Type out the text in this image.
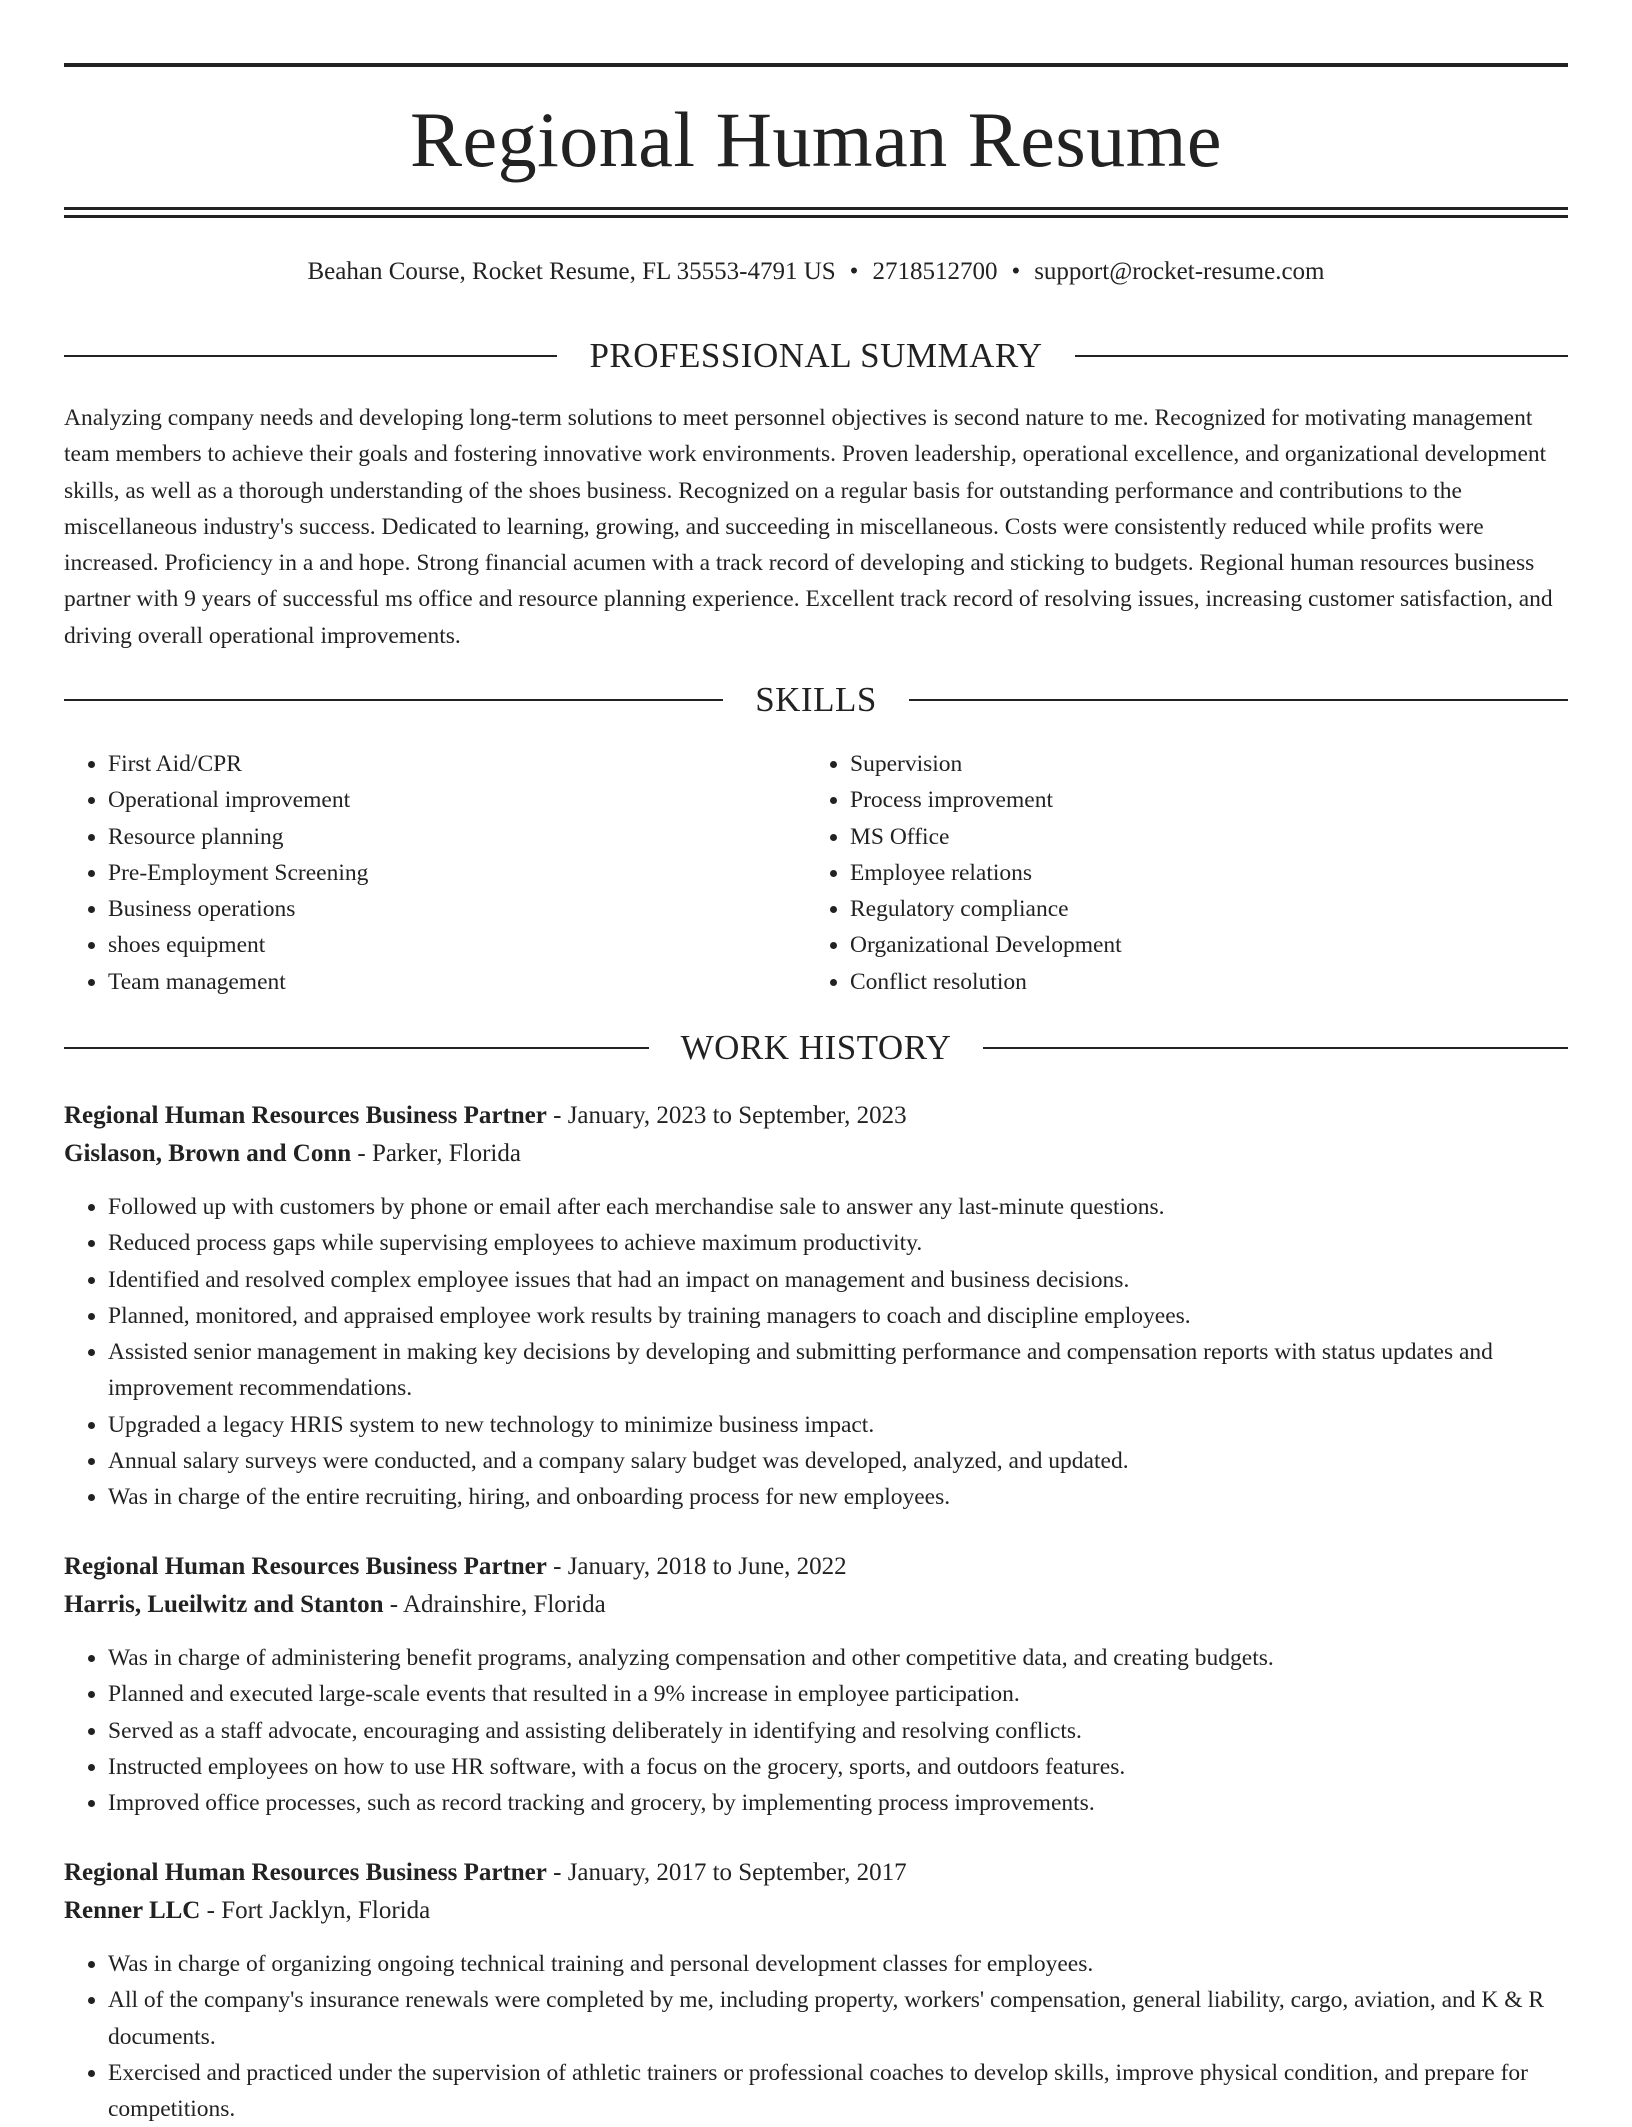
Regional Human Resume
Beahan Course, Rocket Resume, FL 35553-4791 US • 2718512700 • support@rocket-resume.com
PROFESSIONAL SUMMARY

Analyzing company needs and developing long-term solutions to meet personnel objectives is second nature to me. Recognized for motivating management team members to achieve their goals and fostering innovative work environments. Proven leadership, operational excellence, and organizational development skills, as well as a thorough understanding of the shoes business. Recognized on a regular basis for outstanding performance and contributions to the miscellaneous industry's success. Dedicated to learning, growing, and succeeding in miscellaneous. Costs were consistently reduced while profits were increased. Proficiency in a and hope. Strong financial acumen with a track record of developing and sticking to budgets. Regional human resources business partner with 9 years of successful ms office and resource planning experience. Excellent track record of resolving issues, increasing customer satisfaction, and driving overall operational improvements.

SKILLS
• First Aid/CPR
• Operational improvement
• Resource planning
• Pre-Employment Screening
• Business operations
• shoes equipment
• Team management
• Supervision
• Process improvement
• MS Office
• Employee relations
• Regulatory compliance
• Organizational Development
• Conflict resolution
WORK HISTORY
Regional Human Resources Business Partner - January, 2023 to September, 2023
Gislason, Brown and Conn - Parker, Florida
• Followed up with customers by phone or email after each merchandise sale to answer any last-minute questions.
• Reduced process gaps while supervising employees to achieve maximum productivity.
• Identified and resolved complex employee issues that had an impact on management and business decisions.
• Planned, monitored, and appraised employee work results by training managers to coach and discipline employees.
• Assisted senior management in making key decisions by developing and submitting performance and compensation reports with status updates and improvement recommendations.
• Upgraded a legacy HRIS system to new technology to minimize business impact.
• Annual salary surveys were conducted, and a company salary budget was developed, analyzed, and updated.
• Was in charge of the entire recruiting, hiring, and onboarding process for new employees.
Regional Human Resources Business Partner - January, 2018 to June, 2022
Harris, Lueilwitz and Stanton - Adrainshire, Florida
• Was in charge of administering benefit programs, analyzing compensation and other competitive data, and creating budgets.
• Planned and executed large-scale events that resulted in a 9% increase in employee participation.
• Served as a staff advocate, encouraging and assisting deliberately in identifying and resolving conflicts.
• Instructed employees on how to use HR software, with a focus on the grocery, sports, and outdoors features.
• Improved office processes, such as record tracking and grocery, by implementing process improvements.
Regional Human Resources Business Partner - January, 2017 to September, 2017
Renner LLC - Fort Jacklyn, Florida
• Was in charge of organizing ongoing technical training and personal development classes for employees.
• All of the company's insurance renewals were completed by me, including property, workers' compensation, general liability, cargo, aviation, and K & R documents.
• Exercised and practiced under the supervision of athletic trainers or professional coaches to develop skills, improve physical condition, and prepare for competitions.
